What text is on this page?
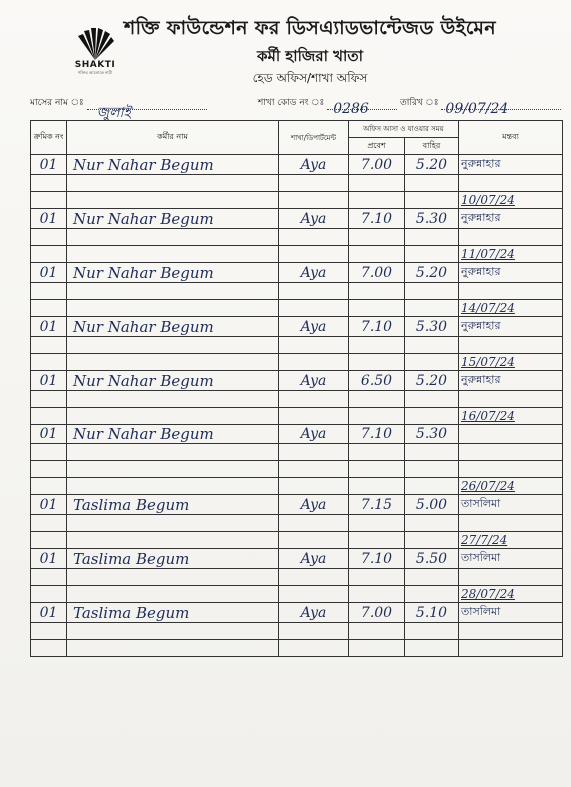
SHAKTI
শক্তির আলোকে নারী
শক্তি ফাউন্ডেশন ফর ডিসএ্যাডভান্টেজড উইমেন
কর্মী হাজিরা খাতা
হেড অফিস/শাখা অফিস
মাসের নাম ঃ
জুলাই
শাখা কোড নং ঃ 0286	তারিখ ঃ 09/07/24
ক্রমিক নং	কর্মীর নাম	শাখা/ডিপার্টমেন্ট	অফিস আসা ও যাওয়ার সময়		মন্তব্য
			প্রবেশ	বাহির	
01	Nur Nahar Begum	Aya	7.00	5.20	নুরুন্নাহার

					10/07/24
01	Nur Nahar Begum	Aya	7.10	5.30	নুরুন্নাহার

					11/07/24
01	Nur Nahar Begum	Aya	7.00	5.20	নুরুন্নাহার

					14/07/24
01	Nur Nahar Begum	Aya	7.10	5.30	নুরুন্নাহার

					15/07/24
01	Nur Nahar Begum	Aya	6.50	5.20	নুরুন্নাহার

					16/07/24
01	Nur Nahar Begum	Aya	7.10	5.30	

					26/07/24
01	Taslima Begum	Aya	7.15	5.00	তাসলিমা

					27/7/24
01	Taslima Begum	Aya	7.10	5.50	তাসলিমা

					28/07/24
01	Taslima Begum	Aya	7.00	5.10	তাসলিমা
